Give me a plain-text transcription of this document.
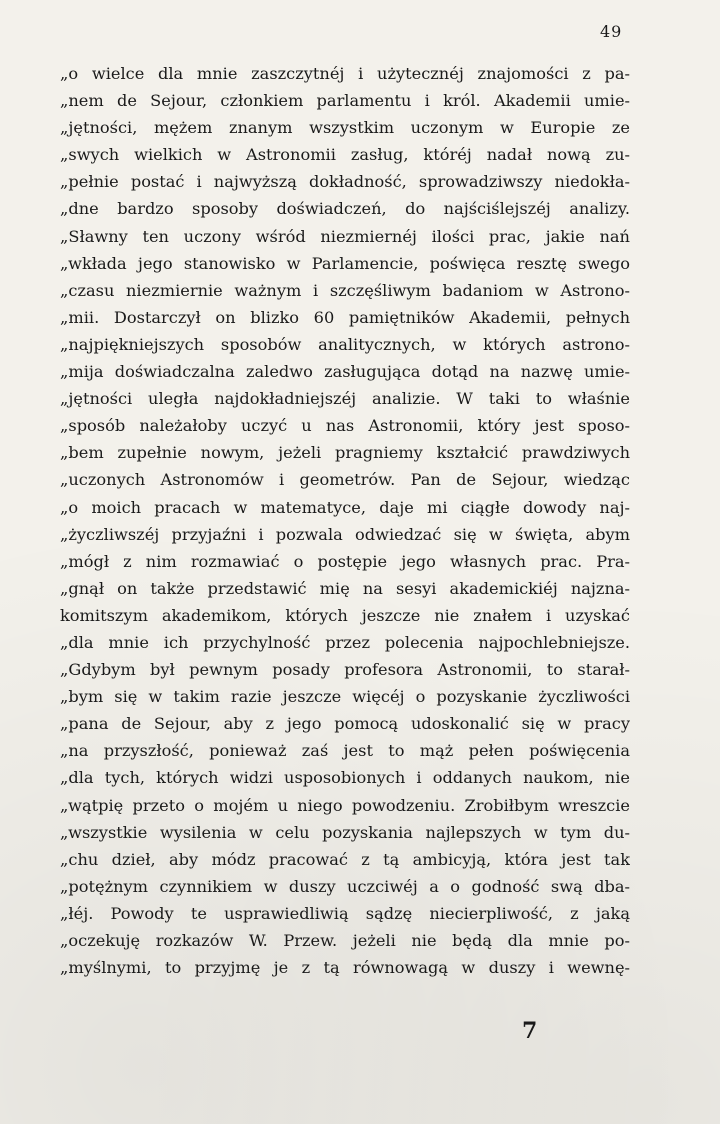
49
„o wielce dla mnie zaszczytnéj i użytecznéj znajomości z pa-
„nem de Sejour, członkiem parlamentu i król. Akademii umie-
„jętności, mężem znanym wszystkim uczonym w Europie ze
„swych wielkich w Astronomii zasług, któréj nadał nową zu-
„pełnie postać i najwyższą dokładność, sprowadziwszy niedokła-
„dne bardzo sposoby doświadczeń, do najściślejszéj analizy.
„Sławny ten uczony wśród niezmiernéj ilości prac, jakie nań
„wkłada jego stanowisko w Parlamencie, poświęca resztę swego
„czasu niezmiernie ważnym i szczęśliwym badaniom w Astrono-
„mii. Dostarczył on blizko 60 pamiętników Akademii, pełnych
„najpiękniejszych sposobów analitycznych, w których astrono-
„mija doświadczalna zaledwo zasługująca dotąd na nazwę umie-
„jętności uległa najdokładniejszéj analizie. W taki to właśnie
„sposób należałoby uczyć u nas Astronomii, który jest sposo-
„bem zupełnie nowym, jeżeli pragniemy kształcić prawdziwych
„uczonych Astronomów i geometrów. Pan de Sejour, wiedząc
„o moich pracach w matematyce, daje mi ciągłe dowody naj-
„życzliwszéj przyjaźni i pozwala odwiedzać się w święta, abym
„mógł z nim rozmawiać o postępie jego własnych prac. Pra-
„gnął on także przedstawić mię na sesyi akademickiéj najzna-
komitszym akademikom, których jeszcze nie znałem i uzyskać
„dla mnie ich przychylność przez polecenia najpochlebniejsze.
„Gdybym był pewnym posady profesora Astronomii, to starał-
„bym się w takim razie jeszcze więcéj o pozyskanie życzliwości
„pana de Sejour, aby z jego pomocą udoskonalić się w pracy
„na przyszłość, ponieważ zaś jest to mąż pełen poświęcenia
„dla tych, których widzi usposobionych i oddanych naukom, nie
„wątpię przeto o mojém u niego powodzeniu. Zrobiłbym wreszcie
„wszystkie wysilenia w celu pozyskania najlepszych w tym du-
„chu dzieł, aby módz pracować z tą ambicyją, która jest tak
„potężnym czynnikiem w duszy uczciwéj a o godność swą dba-
„łéj. Powody te usprawiedliwią sądzę niecierpliwość, z jaką
„oczekuję rozkazów W. Przew. jeżeli nie będą dla mnie po-
„myślnymi, to przyjmę je z tą równowagą w duszy i wewnę-
7
